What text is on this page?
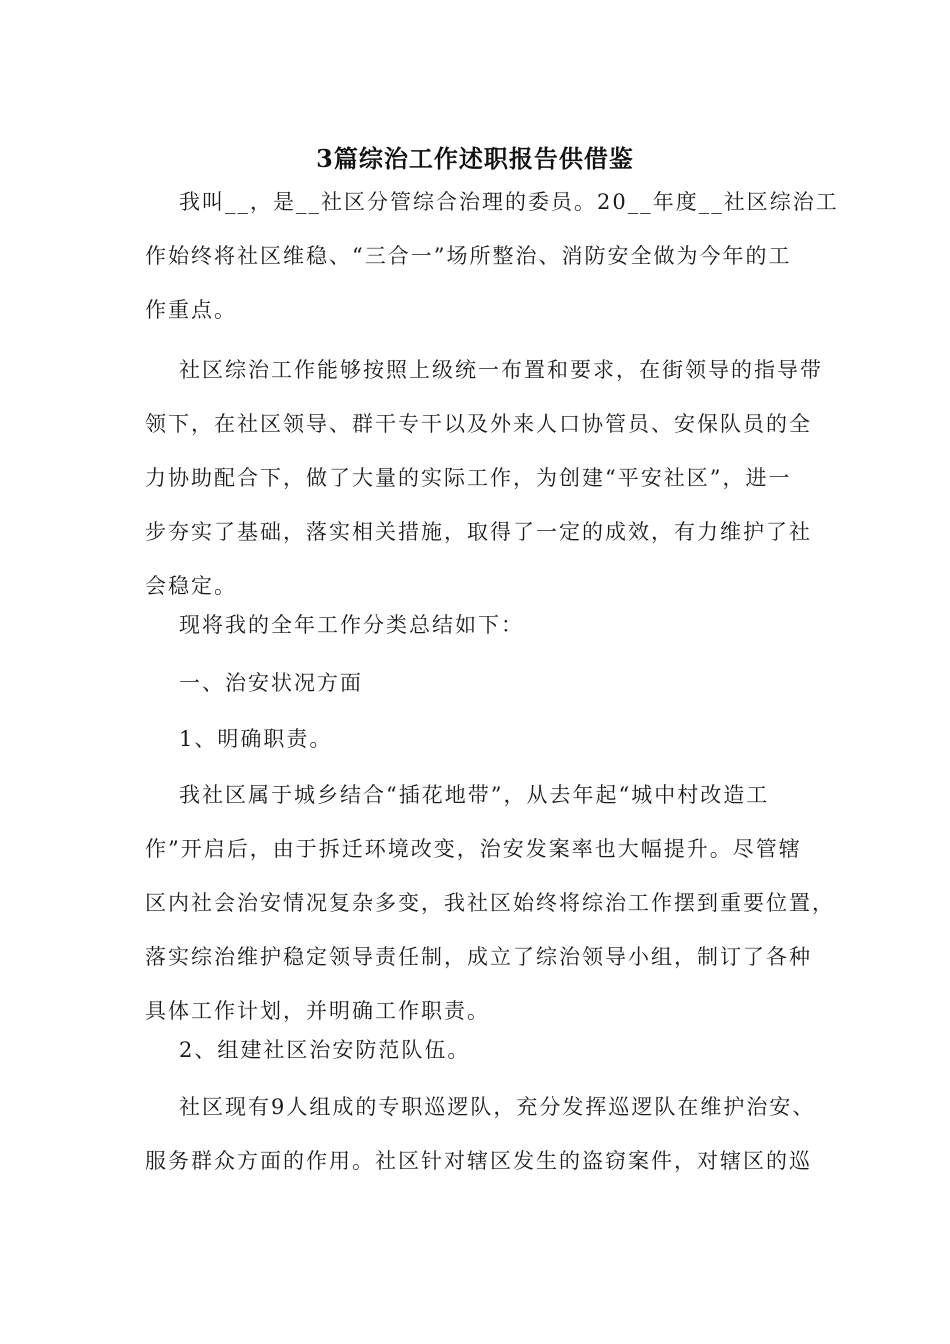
3篇综治工作述职报告供借鉴
我叫__，是__社区分管综合治理的委员。20__年度__社区综治工
作始终将社区维稳、“三合一”场所整治、消防安全做为今年的工
作重点。
社区综治工作能够按照上级统一布置和要求，在街领导的指导带
领下，在社区领导、群干专干以及外来人口协管员、安保队员的全
力协助配合下，做了大量的实际工作，为创建“平安社区”，进一
步夯实了基础，落实相关措施，取得了一定的成效，有力维护了社
会稳定。
现将我的全年工作分类总结如下：
一、治安状况方面
1、明确职责。
我社区属于城乡结合“插花地带”，从去年起“城中村改造工
作”开启后，由于拆迁环境改变，治安发案率也大幅提升。尽管辖
区内社会治安情况复杂多变，我社区始终将综治工作摆到重要位置，
落实综治维护稳定领导责任制，成立了综治领导小组，制订了各种
具体工作计划，并明确工作职责。
2、组建社区治安防范队伍。
社区现有9人组成的专职巡逻队，充分发挥巡逻队在维护治安、
服务群众方面的作用。社区针对辖区发生的盗窃案件，对辖区的巡
